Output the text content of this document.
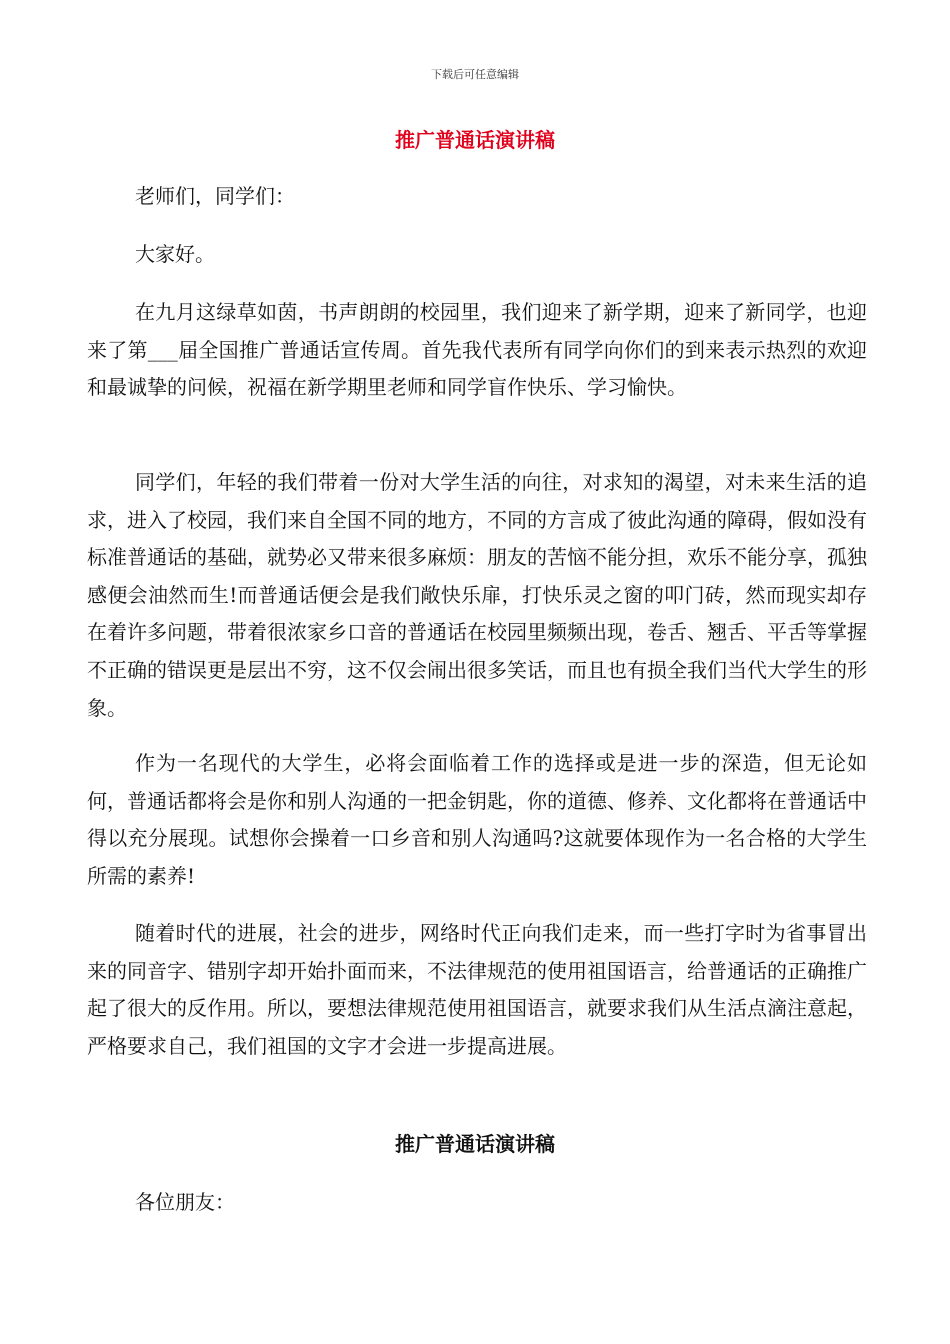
下载后可任意编辑
推广普通话演讲稿

老师们，同学们：

大家好。

在九月这绿草如茵，书声朗朗的校园里，我们迎来了新学期，迎来了新同学，也迎来了第___届全国推广普通话宣传周。首先我代表所有同学向你们的到来表示热烈的欢迎和最诚挚的问候，祝福在新学期里老师和同学盲作快乐、学习愉快。

同学们，年轻的我们带着一份对大学生活的向往，对求知的渴望，对未来生活的追求，进入了校园，我们来自全国不同的地方，不同的方言成了彼此沟通的障碍，假如没有标准普通话的基础，就势必又带来很多麻烦：朋友的苦恼不能分担，欢乐不能分享，孤独感便会油然而生!而普通话便会是我们敞快乐扉，打快乐灵之窗的叩门砖，然而现实却存在着许多问题，带着很浓家乡口音的普通话在校园里频频出现，卷舌、翘舌、平舌等掌握不正确的错误更是层出不穷，这不仅会闹出很多笑话，而且也有损全我们当代大学生的形象。

作为一名现代的大学生，必将会面临着工作的选择或是进一步的深造，但无论如何，普通话都将会是你和别人沟通的一把金钥匙，你的道德、修养、文化都将在普通话中得以充分展现。试想你会操着一口乡音和别人沟通吗?这就要体现作为一名合格的大学生所需的素养!

随着时代的进展，社会的进步，网络时代正向我们走来，而一些打字时为省事冒出来的同音字、错别字却开始扑面而来，不法律规范的使用祖国语言，给普通话的正确推广起了很大的反作用。所以，要想法律规范使用祖国语言，就要求我们从生活点滴注意起，严格要求自己，我们祖国的文字才会进一步提高进展。

推广普通话演讲稿

各位朋友：
